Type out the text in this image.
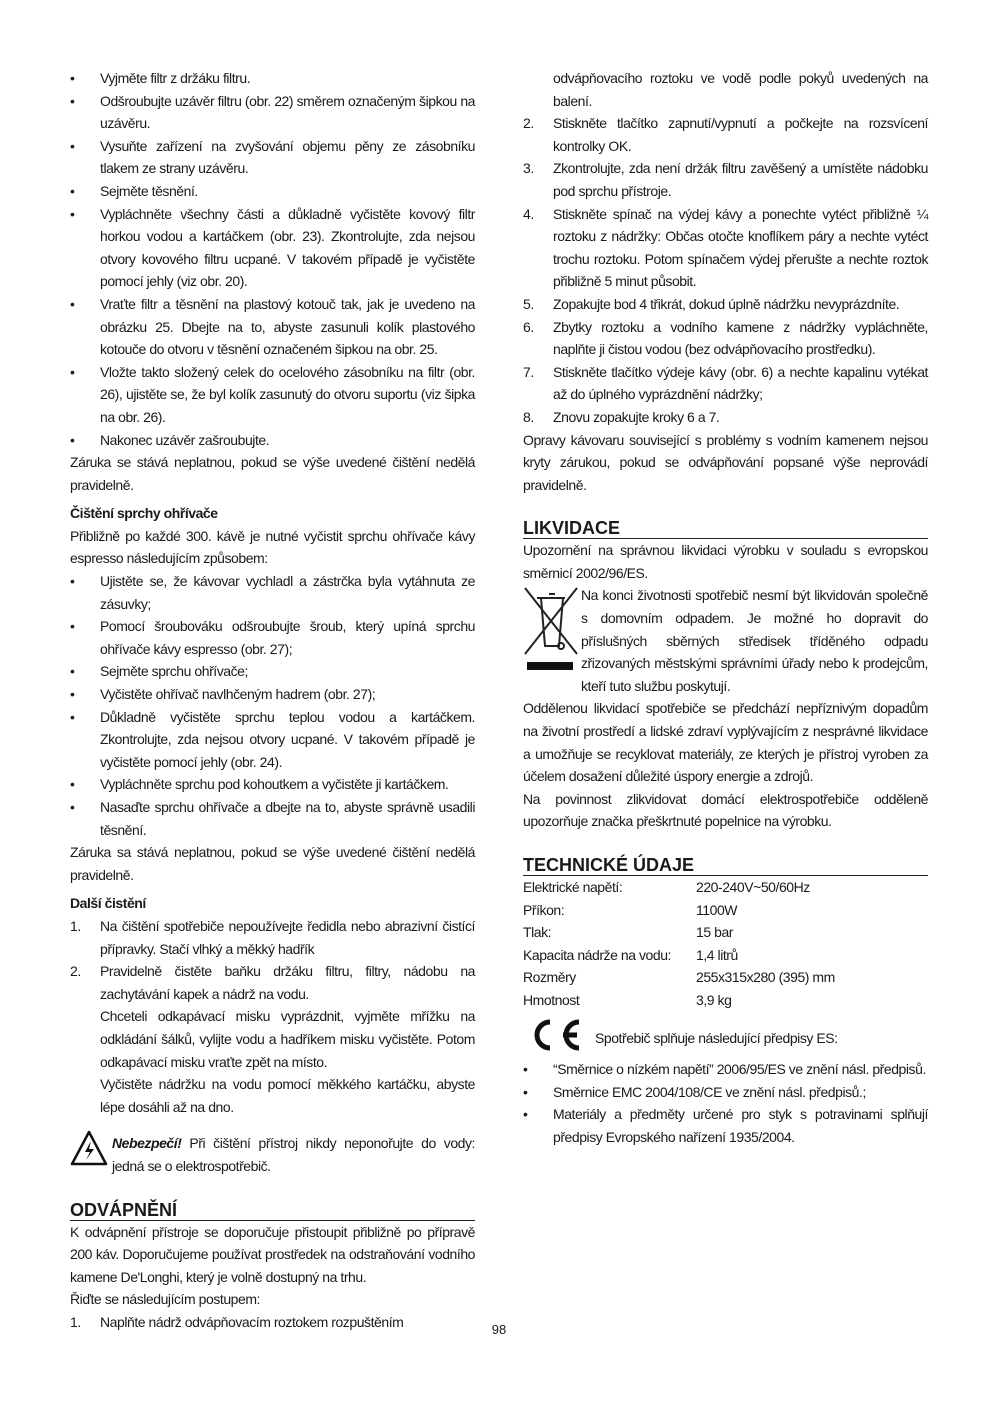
•	Vyjměte filtr z držáku filtru.
•	Odšroubujte uzávěr filtru (obr. 22) směrem označeným šipkou na uzávěru.
•	Vysuňte zařízení na zvyšování objemu pěny ze zásobníku tlakem ze strany uzávěru.
•	Sejměte těsnění.
•	Vypláchněte všechny části a důkladně vyčistěte kovový filtr horkou vodou a kartáčkem (obr. 23). Zkontrolujte, zda nejsou otvory kovového filtru ucpané. V takovém případě je vyčistěte pomocí jehly (viz obr. 20).
•	Vraťte filtr a těsnění na plastový kotouč tak, jak je uvedeno na obrázku 25. Dbejte na to, abyste zasunuli kolík plastového kotouče do otvoru v těsnění označeném šipkou na obr. 25.
•	Vložte takto složený celek do ocelového zásobníku na filtr (obr. 26), ujistěte se, že byl kolík zasunutý do otvoru suportu (viz šipka na obr. 26).
•	Nakonec uzávěr zašroubujte.
Záruka se stává neplatnou, pokud se výše uvedené čištění nedělá pravidelně.
Čištění sprchy ohřívače
Přibližně po každé 300. kávě je nutné vyčistit sprchu ohřívače kávy espresso následujícím způsobem:
•	Ujistěte se, že kávovar vychladl a zástrčka byla vytáhnuta ze zásuvky;
•	Pomocí šroubováku odšroubujte šroub, který upíná sprchu ohřívače kávy espresso (obr. 27);
•	Sejměte sprchu ohřívače;
•	Vyčistěte ohřívač navlhčeným hadrem (obr. 27);
•	Důkladně vyčistěte sprchu teplou vodou a kartáčkem. Zkontrolujte, zda nejsou otvory ucpané. V takovém případě je vyčistěte pomocí jehly (obr. 24).
•	Vypláchněte sprchu pod kohoutkem a vyčistěte ji kartáčkem.
•	Nasaďte sprchu ohřívače a dbejte na to, abyste správně usadili těsnění.
Záruka sa stává neplatnou, pokud se výše uvedené čištění nedělá pravidelně.
Další čistění
1.	Na čištění spotřebiče nepoužívejte ředidla nebo abrazivní čistící přípravky. Stačí vlhký a měkký hadřík
2.	Pravidelně čistěte baňku držáku filtru, filtry, nádobu na zachytávání kapek a nádrž na vodu.
Chceteli odkapávací misku vyprázdnit, vyjměte mřížku na odkládání šálků, vylijte vodu a hadříkem misku vyčistěte. Potom odkapávací misku vraťte zpět na místo.
Vyčistěte nádržku na vodu pomocí měkkého kartáčku, abyste lépe dosáhli až na dno.
Nebezpečí! Při čištění přístroj nikdy neponořujte do vody: jedná se o elektrospotřebič.
ODVÁPNĚNÍ
K odvápnění přístroje se doporučuje přistoupit přibližně po přípravě 200 káv. Doporučujeme používat prostředek na odstraňování vodního kamene De'Longhi, který je volně dostupný na trhu.
Řiďte se následujícím postupem:
1.	Naplňte nádrž odvápňovacím roztokem rozpuštěním
odvápňovacího roztoku ve vodě podle pokyů uvedených na balení.
2.	Stiskněte tlačítko zapnutí/vypnutí a počkejte na rozsvícení kontrolky OK.
3.	Zkontrolujte, zda není držák filtru zavěšený a umístěte nádobku pod sprchu přístroje.
4.	Stiskněte spínač na výdej kávy a ponechte vytéct přibližně ¼ roztoku z nádržky: Občas otočte knoflíkem páry a nechte vytéct trochu roztoku. Potom spínačem výdej přerušte a nechte roztok přibližně 5 minut působit.
5.	Zopakujte bod 4 třikrát, dokud úplně nádržku nevyprázdníte.
6.	Zbytky roztoku a vodního kamene z nádržky vypláchněte, naplňte ji čistou vodou (bez odvápňovacího prostředku).
7.	Stiskněte tlačítko výdeje kávy (obr. 6) a nechte kapalinu vytékat až do úplného vyprázdnění nádržky;
8.	Znovu zopakujte kroky 6 a 7.
Opravy kávovaru související s problémy s vodním kamenem nejsou kryty zárukou, pokud se odvápňování popsané výše neprovádí pravidelně.
LIKVIDACE
Upozornění na správnou likvidaci výrobku v souladu s evropskou směrnicí 2002/96/ES.
Na konci životnosti spotřebič nesmí být likvidován společně s domovním odpadem. Je možné ho dopravit do příslušných sběrných středisek tříděného odpadu zřizovaných městskými správními úřady nebo k prodejcům, kteří tuto službu poskytují.
Oddělenou likvidací spotřebiče se předchází nepříznivým dopadům na životní prostředí a lidské zdraví vyplývajícím z nesprávné likvidace a umožňuje se recyklovat materiály, ze kterých je přístroj vyroben za účelem dosažení důležité úspory energie a zdrojů.
Na povinnost zlikvidovat domácí elektrospotřebiče odděleně upozorňuje značka přeškrtnuté popelnice na výrobku.
TECHNICKÉ ÚDAJE
Elektrické napětí:	220-240V~50/60Hz
Příkon:	1100W
Tlak:	15 bar
Kapacita nádrže na vodu:	1,4 litrů
Rozměry	255x315x280 (395) mm
Hmotnost	3,9 kg
Spotřebič splňuje následující předpisy ES:
•	“Směrnice o nízkém napětí” 2006/95/ES ve znění násl. předpisů.
•	Směrnice EMC 2004/108/CE ve znění násl. předpisů.;
•	Materiály a předměty určené pro styk s potravinami splňují předpisy Evropského nařízení 1935/2004.
98
